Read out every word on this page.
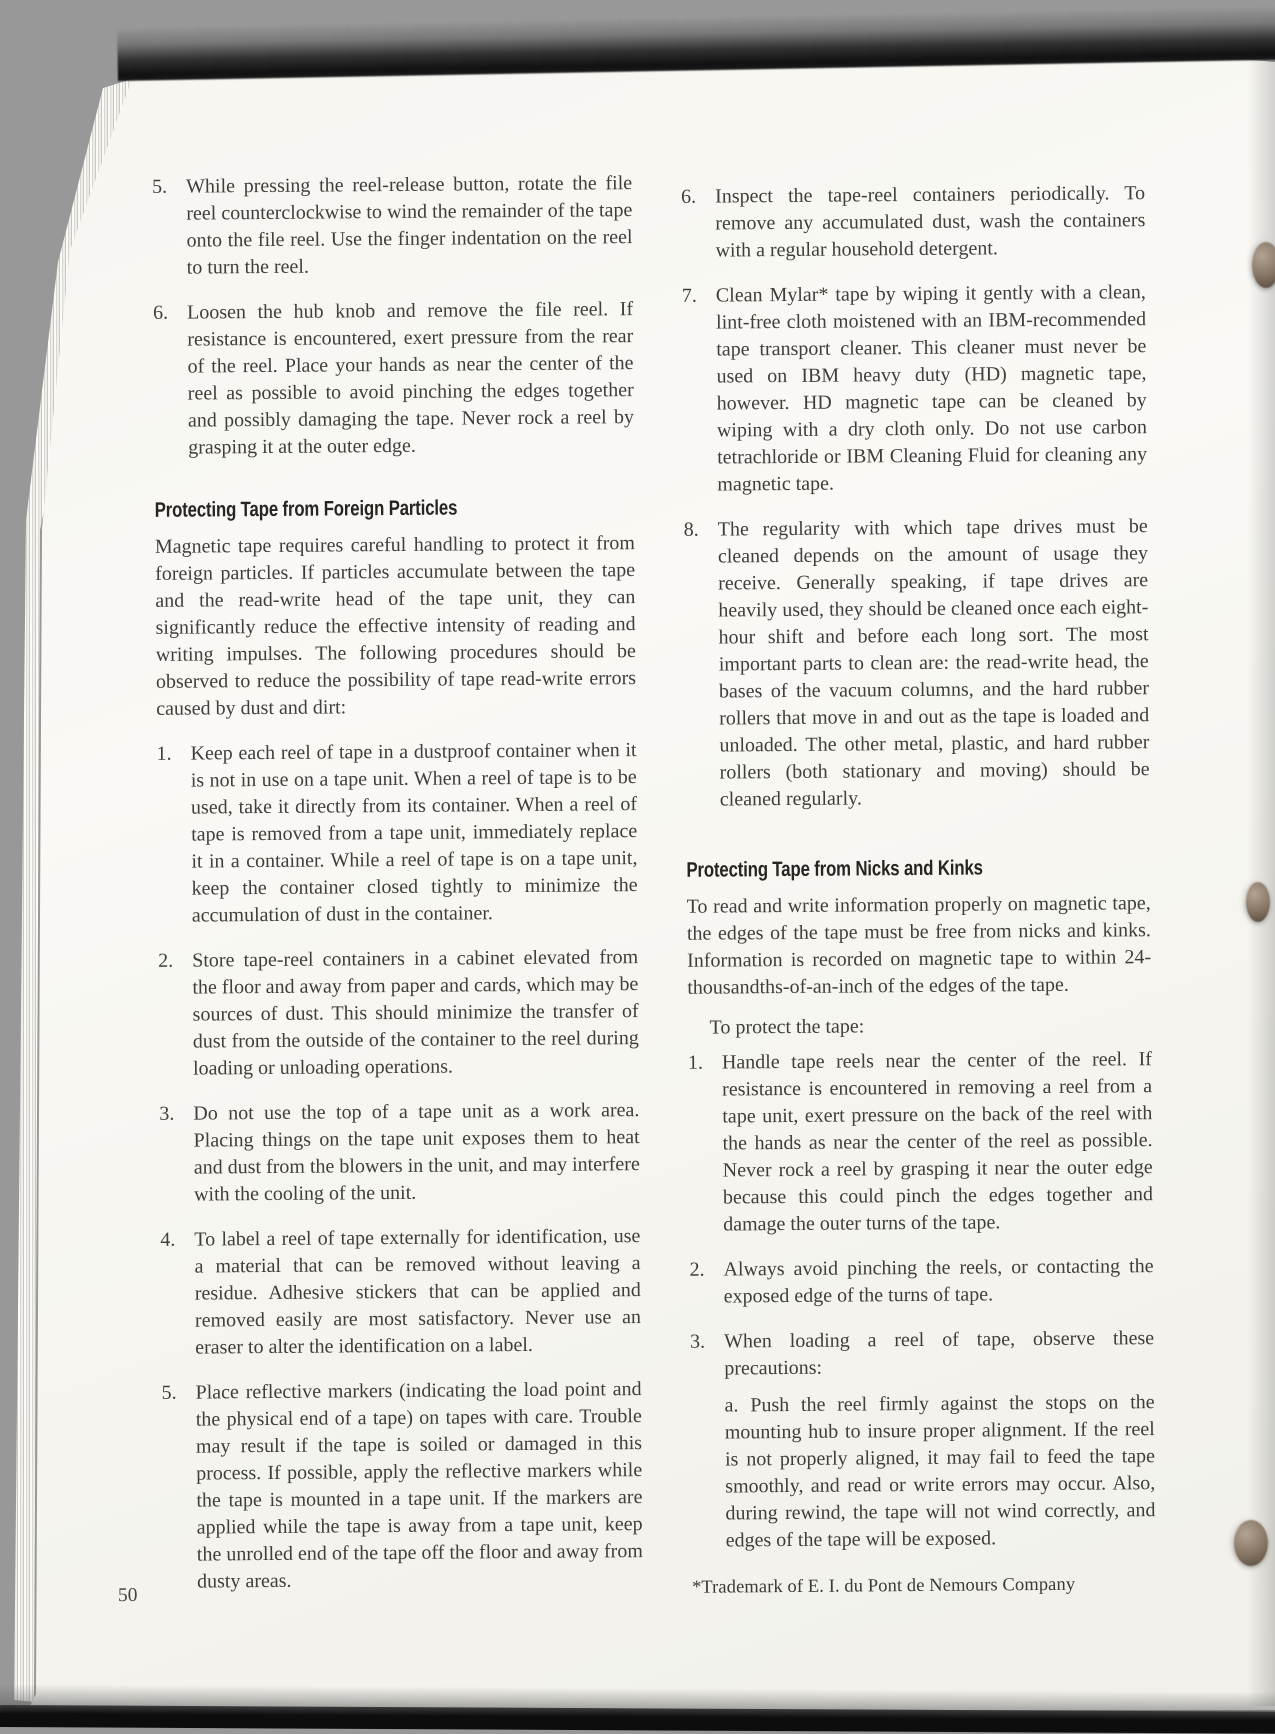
5. While pressing the reel-release button, rotate the file reel counterclockwise to wind the remainder of the tape onto the file reel. Use the finger indentation on the reel to turn the reel.
6. Loosen the hub knob and remove the file reel. If resistance is encountered, exert pressure from the rear of the reel. Place your hands as near the center of the reel as possible to avoid pinching the edges together and possibly damaging the tape. Never rock a reel by grasping it at the outer edge.
Protecting Tape from Foreign Particles

Magnetic tape requires careful handling to protect it from foreign particles. If particles accumulate between the tape and the read-write head of the tape unit, they can significantly reduce the effective intensity of reading and writing impulses. The following procedures should be observed to reduce the possibility of tape read-write errors caused by dust and dirt:

1. Keep each reel of tape in a dustproof container when it is not in use on a tape unit. When a reel of tape is to be used, take it directly from its container. When a reel of tape is removed from a tape unit, immediately replace it in a container. While a reel of tape is on a tape unit, keep the container closed tightly to minimize the accumulation of dust in the container.
2. Store tape-reel containers in a cabinet elevated from the floor and away from paper and cards, which may be sources of dust. This should minimize the transfer of dust from the outside of the container to the reel during loading or unloading operations.
3. Do not use the top of a tape unit as a work area. Placing things on the tape unit exposes them to heat and dust from the blowers in the unit, and may interfere with the cooling of the unit.
4. To label a reel of tape externally for identification, use a material that can be removed without leaving a residue. Adhesive stickers that can be applied and removed easily are most satisfactory. Never use an eraser to alter the identification on a label.
5. Place reflective markers (indicating the load point and the physical end of a tape) on tapes with care. Trouble may result if the tape is soiled or damaged in this process. If possible, apply the reflective markers while the tape is mounted in a tape unit. If the markers are applied while the tape is away from a tape unit, keep the unrolled end of the tape off the floor and away from dusty areas.
6. Inspect the tape-reel containers periodically. To remove any accumulated dust, wash the containers with a regular household detergent.
7. Clean Mylar* tape by wiping it gently with a clean, lint-free cloth moistened with an IBM-recommended tape transport cleaner. This cleaner must never be used on IBM heavy duty (HD) magnetic tape, however. HD magnetic tape can be cleaned by wiping with a dry cloth only. Do not use carbon tetrachloride or IBM Cleaning Fluid for cleaning any magnetic tape.
8. The regularity with which tape drives must be cleaned depends on the amount of usage they receive. Generally speaking, if tape drives are heavily used, they should be cleaned once each eight-hour shift and before each long sort. The most important parts to clean are: the read-write head, the bases of the vacuum columns, and the hard rubber rollers that move in and out as the tape is loaded and unloaded. The other metal, plastic, and hard rubber rollers (both stationary and moving) should be cleaned regularly.
Protecting Tape from Nicks and Kinks

To read and write information properly on magnetic tape, the edges of the tape must be free from nicks and kinks. Information is recorded on magnetic tape to within 24-thousandths-of-an-inch of the edges of the tape.

To protect the tape:

1. Handle tape reels near the center of the reel. If resistance is encountered in removing a reel from a tape unit, exert pressure on the back of the reel with the hands as near the center of the reel as possible. Never rock a reel by grasping it near the outer edge because this could pinch the edges together and damage the outer turns of the tape.
2. Always avoid pinching the reels, or contacting the exposed edge of the turns of tape.
3. When loading a reel of tape, observe these precautions:

a. Push the reel firmly against the stops on the mounting hub to insure proper alignment. If the reel is not properly aligned, it may fail to feed the tape smoothly, and read or write errors may occur. Also, during rewind, the tape will not wind correctly, and edges of the tape will be exposed.

*Trademark of E. I. du Pont de Nemours Company

50
